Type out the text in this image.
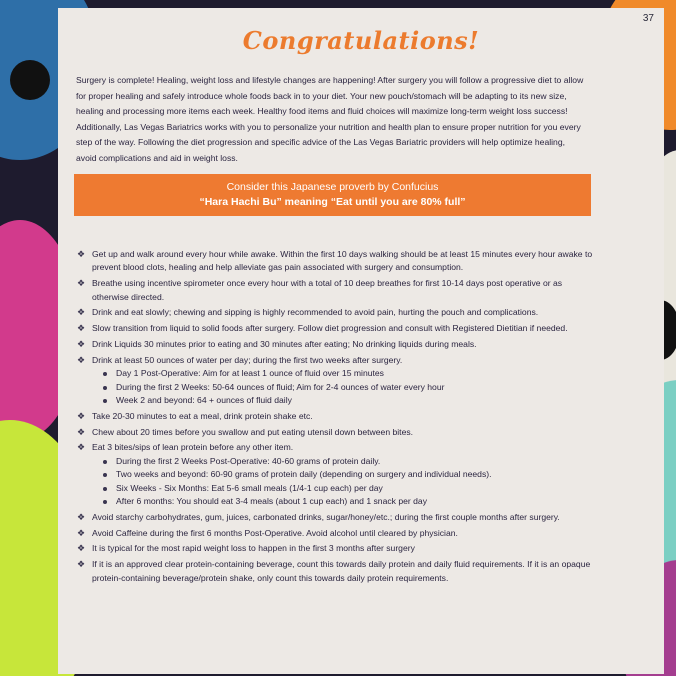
37
Congratulations!
Surgery is complete! Healing, weight loss and lifestyle changes are happening! After surgery you will follow a progressive diet to allow for proper healing and safely introduce whole foods back in to your diet. Your new pouch/stomach will be adapting to its new size, healing and processing more items each week. Healthy food items and fluid choices will maximize long-term weight loss success! Additionally, Las Vegas Bariatrics works with you to personalize your nutrition and health plan to ensure proper nutrition for you every step of the way. Following the diet progression and specific advice of the Las Vegas Bariatric providers will help optimize healing, avoid complications and aid in weight loss.
Consider this Japanese proverb by Confucius
“Hara Hachi Bu” meaning “Eat until you are 80% full”
❖ Get up and walk around every hour while awake. Within the first 10 days walking should be at least 15 minutes every hour awake to prevent blood clots, healing and help alleviate gas pain associated with surgery and consumption.
❖ Breathe using incentive spirometer once every hour with a total of 10 deep breathes for first 10-14 days post operative or as otherwise directed.
❖ Drink and eat slowly; chewing and sipping is highly recommended to avoid pain, hurting the pouch and complications.
❖ Slow transition from liquid to solid foods after surgery. Follow diet progression and consult with Registered Dietitian if needed.
❖ Drink Liquids 30 minutes prior to eating and 30 minutes after eating; No drinking liquids during meals.
❖ Drink at least 50 ounces of water per day; during the first two weeks after surgery.
Day 1 Post-Operative: Aim for at least 1 ounce of fluid over 15 minutes
During the first 2 Weeks: 50-64 ounces of fluid; Aim for 2-4 ounces of water every hour
Week 2 and beyond: 64 + ounces of fluid daily
❖ Take 20-30 minutes to eat a meal, drink protein shake etc.
❖ Chew about 20 times before you swallow and put eating utensil down between bites.
❖ Eat 3 bites/sips of lean protein before any other item.
During the first 2 Weeks Post-Operative: 40-60 grams of protein daily.
Two weeks and beyond: 60-90 grams of protein daily (depending on surgery and individual needs).
Six Weeks - Six Months: Eat 5-6 small meals (1/4-1 cup each) per day
After 6 months: You should eat 3-4 meals (about 1 cup each) and 1 snack per day
❖ Avoid starchy carbohydrates, gum, juices, carbonated drinks, sugar/honey/etc.; during the first couple months after surgery.
❖ Avoid Caffeine during the first 6 months Post-Operative. Avoid alcohol until cleared by physician.
❖ It is typical for the most rapid weight loss to happen in the first 3 months after surgery
❖ If it is an approved clear protein-containing beverage, count this towards daily protein and daily fluid requirements. If it is an opaque protein-containing beverage/protein shake, only count this towards daily protein requirements.
